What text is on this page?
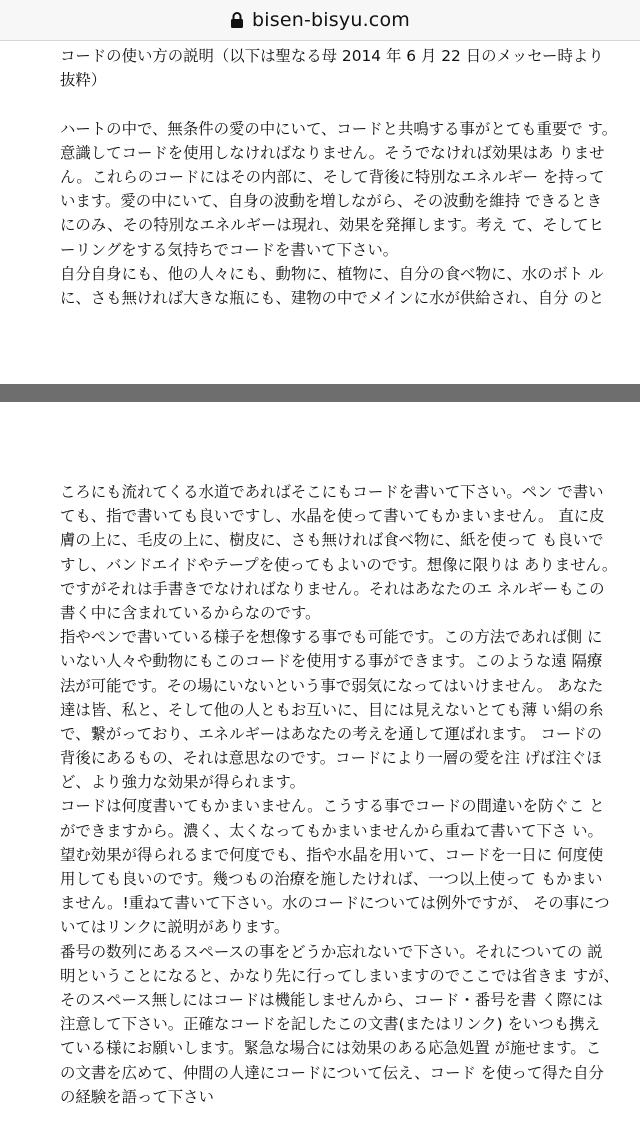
bisen-bisyu.com
コードの使い方の説明（以下は聖なる母 2014 年 6 月 22 日のメッセー時より
抜粋）
ハートの中で、無条件の愛の中にいて、コードと共鳴する事がとても重要で す。
意識してコードを使用しなければなりません。そうでなければ効果はあ りませ
ん。これらのコードにはその内部に、そして背後に特別なエネルギー を持って
います。愛の中にいて、自身の波動を増しながら、その波動を維持 できるとき
にのみ、その特別なエネルギーは現れ、効果を発揮します。考え て、そしてヒ
ーリングをする気持ちでコードを書いて下さい。
自分自身にも、他の人々にも、動物に、植物に、自分の食べ物に、水のボト ル
に、さも無ければ大きな瓶にも、建物の中でメインに水が供給され、自分 のと
ころにも流れてくる水道であればそこにもコードを書いて下さい。ペン で書い
ても、指で書いても良いですし、水晶を使って書いてもかまいません。 直に皮
膚の上に、毛皮の上に、樹皮に、さも無ければ食べ物に、紙を使って も良いで
すし、バンドエイドやテープを使ってもよいのです。想像に限りは ありません。
ですがそれは手書きでなければなりません。それはあなたのエ ネルギーもこの
書く中に含まれているからなのです。
指やペンで書いている様子を想像する事でも可能です。この方法であれば側 に
いない人々や動物にもこのコードを使用する事ができます。このような遠 隔療
法が可能です。その場にいないという事で弱気になってはいけません。 あなた
達は皆、私と、そして他の人ともお互いに、目には見えないとても薄 い絹の糸
で、繋がっており、エネルギーはあなたの考えを通して運ばれます。 コードの
背後にあるもの、それは意思なのです。コードにより一層の愛を注 げば注ぐほ
ど、より強力な効果が得られます。
コードは何度書いてもかまいません。こうする事でコードの間違いを防ぐこ と
ができますから。濃く、太くなってもかまいませんから重ねて書いて下さ い。
望む効果が得られるまで何度でも、指や水晶を用いて、コードを一日に 何度使
用しても良いのです。幾つもの治療を施したければ、一つ以上使って もかまい
ません。!重ねて書いて下さい。水のコードについては例外ですが、 その事につ
いてはリンクに説明があります。
番号の数列にあるスペースの事をどうか忘れないで下さい。それについての 説
明ということになると、かなり先に行ってしまいますのでここでは省きま すが、
そのスペース無しにはコードは機能しませんから、コード・番号を書 く際には
注意して下さい。正確なコードを記したこの文書(またはリンク) をいつも携え
ている様にお願いします。緊急な場合には効果のある応急処置 が施せます。こ
の文書を広めて、仲間の人達にコードについて伝え、コード を使って得た自分
の経験を語って下さい
